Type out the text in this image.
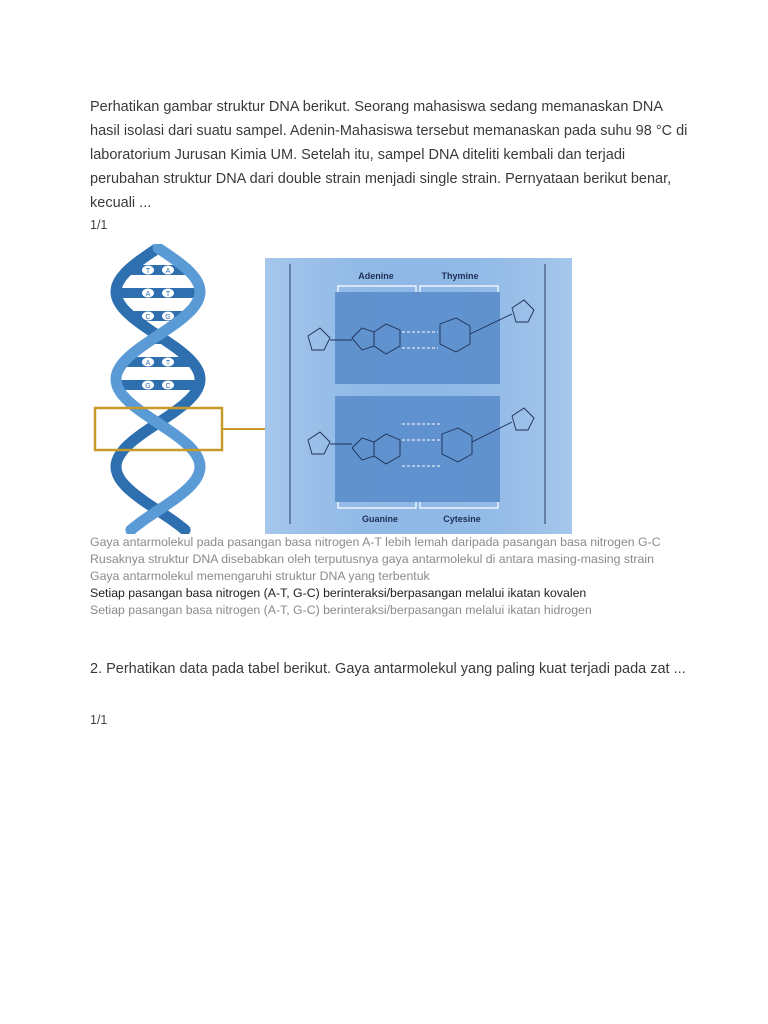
Perhatikan gambar struktur DNA berikut. Seorang mahasiswa sedang memanaskan DNA hasil isolasi dari suatu sampel. Adenin-Mahasiswa tersebut memanaskan pada suhu 98 °C di laboratorium Jurusan Kimia UM. Setelah itu, sampel DNA diteliti kembali dan terjadi perubahan struktur DNA dari double strain menjadi single strain. Pernyataan berikut benar, kecuali ...

1/1
T A
A T
C G
G C
A T
G C
Adenine	Thymine
Guanine	Cytesine
Gaya antarmolekul pada pasangan basa nitrogen A-T lebih lemah daripada pasangan basa nitrogen G-C
Rusaknya struktur DNA disebabkan oleh terputusnya gaya antarmolekul di antara masing-masing strain
Gaya antarmolekul memengaruhi struktur DNA yang terbentuk
Setiap pasangan basa nitrogen (A-T, G-C) berinteraksi/berpasangan melalui ikatan kovalen
Setiap pasangan basa nitrogen (A-T, G-C) berinteraksi/berpasangan melalui ikatan hidrogen

2. Perhatikan data pada tabel berikut. Gaya antarmolekul yang paling kuat terjadi pada zat ...

1/1
